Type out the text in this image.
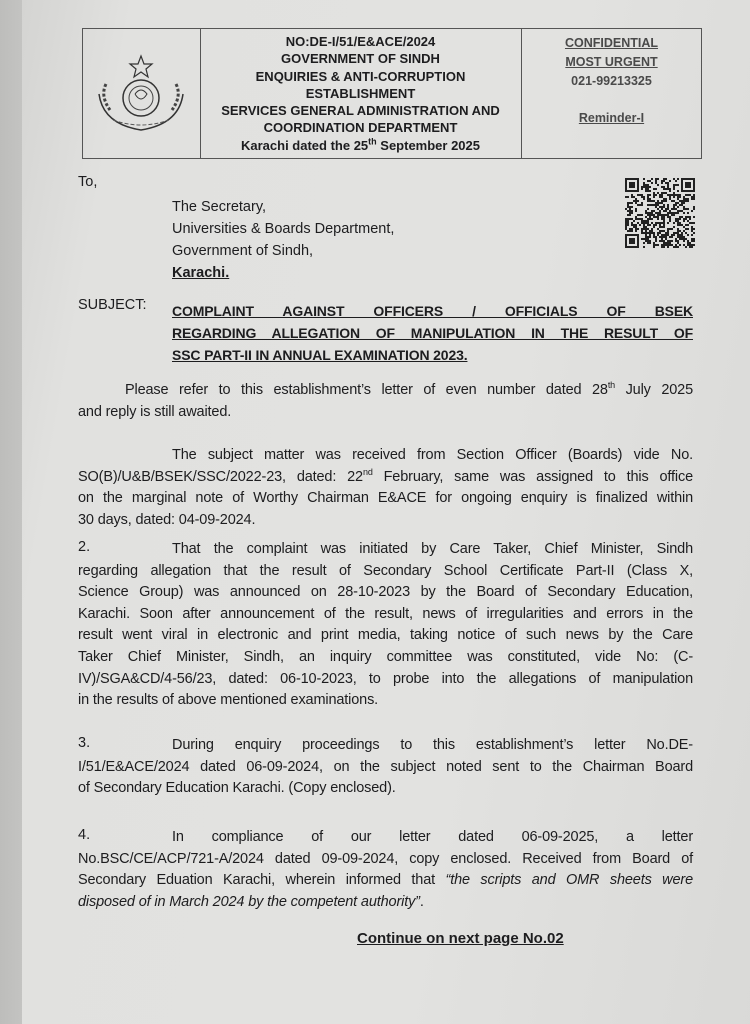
NO:DE-I/51/E&ACE/2024
GOVERNMENT OF SINDH
ENQUIRIES & ANTI-CORRUPTION
ESTABLISHMENT
SERVICES GENERAL ADMINISTRATION AND
COORDINATION DEPARTMENT
Karachi dated the 25th September 2025
CONFIDENTIAL
MOST URGENT
021-99213325
Reminder-I
To,
The Secretary,
Universities & Boards Department,
Government of Sindh,
Karachi.
SUBJECT: COMPLAINT AGAINST OFFICERS / OFFICIALS OF BSEK
REGARDING ALLEGATION OF MANIPULATION IN THE RESULT OF
SSC PART-II IN ANNUAL EXAMINATION 2023.
Please refer to this establishment’s letter of even number dated 28th July 2025
and reply is still awaited.
The subject matter was received from Section Officer (Boards) vide No.
SO(B)/U&B/BSEK/SSC/2022-23, dated: 22nd February, same was assigned to this office
on the marginal note of Worthy Chairman E&ACE for ongoing enquiry is finalized within
30 days, dated: 04-09-2024.
2.	That the complaint was initiated by Care Taker, Chief Minister, Sindh
regarding allegation that the result of Secondary School Certificate Part-II (Class X,
Science Group) was announced on 28-10-2023 by the Board of Secondary Education,
Karachi. Soon after announcement of the result, news of irregularities and errors in the
result went viral in electronic and print media, taking notice of such news by the Care
Taker Chief Minister, Sindh, an inquiry committee was constituted, vide No: (C-
IV)/SGA&CD/4-56/23, dated: 06-10-2023, to probe into the allegations of manipulation
in the results of above mentioned examinations.
3.	During enquiry proceedings to this establishment’s letter No.DE-
I/51/E&ACE/2024 dated 06-09-2024, on the subject noted sent to the Chairman Board
of Secondary Education Karachi. (Copy enclosed).
4.	In compliance of our letter dated 06-09-2025, a letter
No.BSC/CE/ACP/721-A/2024 dated 09-09-2024, copy enclosed. Received from Board of
Secondary Eduation Karachi, wherein informed that “the scripts and OMR sheets were
disposed of in March 2024 by the competent authority”.
Continue on next page No.02
